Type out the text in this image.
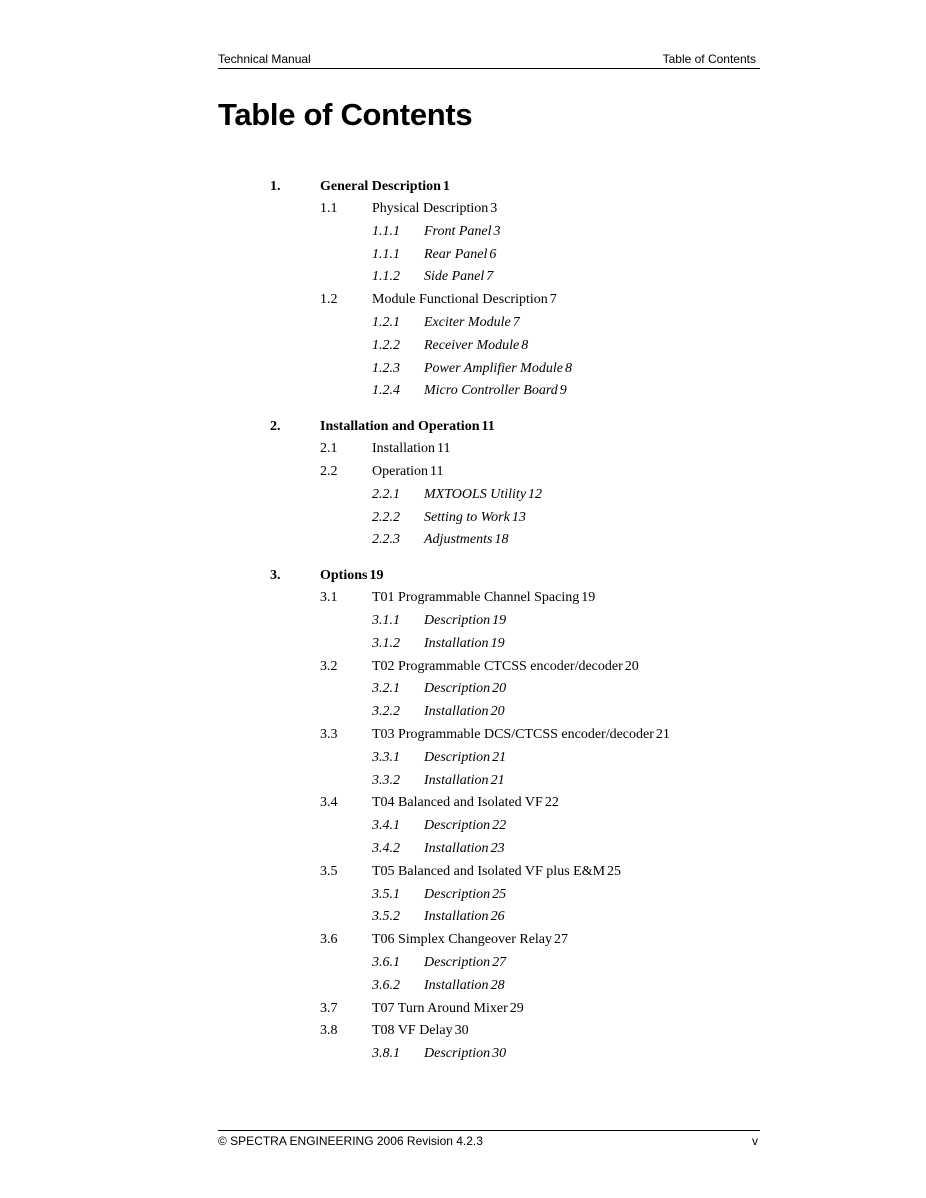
Technical Manual	Table of Contents
Table of Contents
1.	General Description 1
1.1 Physical Description 3
1.1.1 Front Panel 3
1.1.1 Rear Panel 6
1.1.2 Side Panel 7
1.2 Module Functional Description 7
1.2.1 Exciter Module 7
1.2.2 Receiver Module 8
1.2.3 Power Amplifier Module 8
1.2.4 Micro Controller Board 9
2.	Installation and Operation 11
2.1 Installation 11
2.2 Operation 11
2.2.1 MXTOOLS Utility 12
2.2.2 Setting to Work 13
2.2.3 Adjustments 18
3.	Options 19
3.1 T01 Programmable Channel Spacing 19
3.1.1 Description 19
3.1.2 Installation 19
3.2 T02 Programmable CTCSS encoder/decoder 20
3.2.1 Description 20
3.2.2 Installation 20
3.3 T03 Programmable DCS/CTCSS encoder/decoder 21
3.3.1 Description 21
3.3.2 Installation 21
3.4 T04 Balanced and Isolated VF 22
3.4.1 Description 22
3.4.2 Installation 23
3.5 T05 Balanced and Isolated VF plus E&M 25
3.5.1 Description 25
3.5.2 Installation 26
3.6 T06 Simplex Changeover Relay 27
3.6.1 Description 27
3.6.2 Installation 28
3.7 T07 Turn Around Mixer 29
3.8 T08 VF Delay 30
3.8.1 Description 30
© SPECTRA ENGINEERING 2006 Revision 4.2.3	v
